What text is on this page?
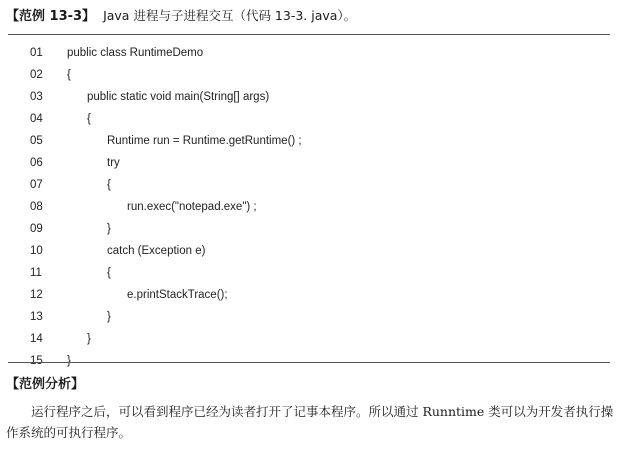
【范例 13-3】 Java 进程与子进程交互（代码 13-3. java）。
01	public class RuntimeDemo
02	{
03	public static void main(String[] args)
04	{
05	Runtime run = Runtime.getRuntime() ;
06	try
07	{
08	run.exec("notepad.exe") ;
09	}
10	catch (Exception e)
11	{
12	e.printStackTrace();
13	}
14	}
15	}
【范例分析】
运行程序之后，可以看到程序已经为读者打开了记事本程序。所以通过 Runntime 类可以为开发者执行操作系统的可执行程序。
